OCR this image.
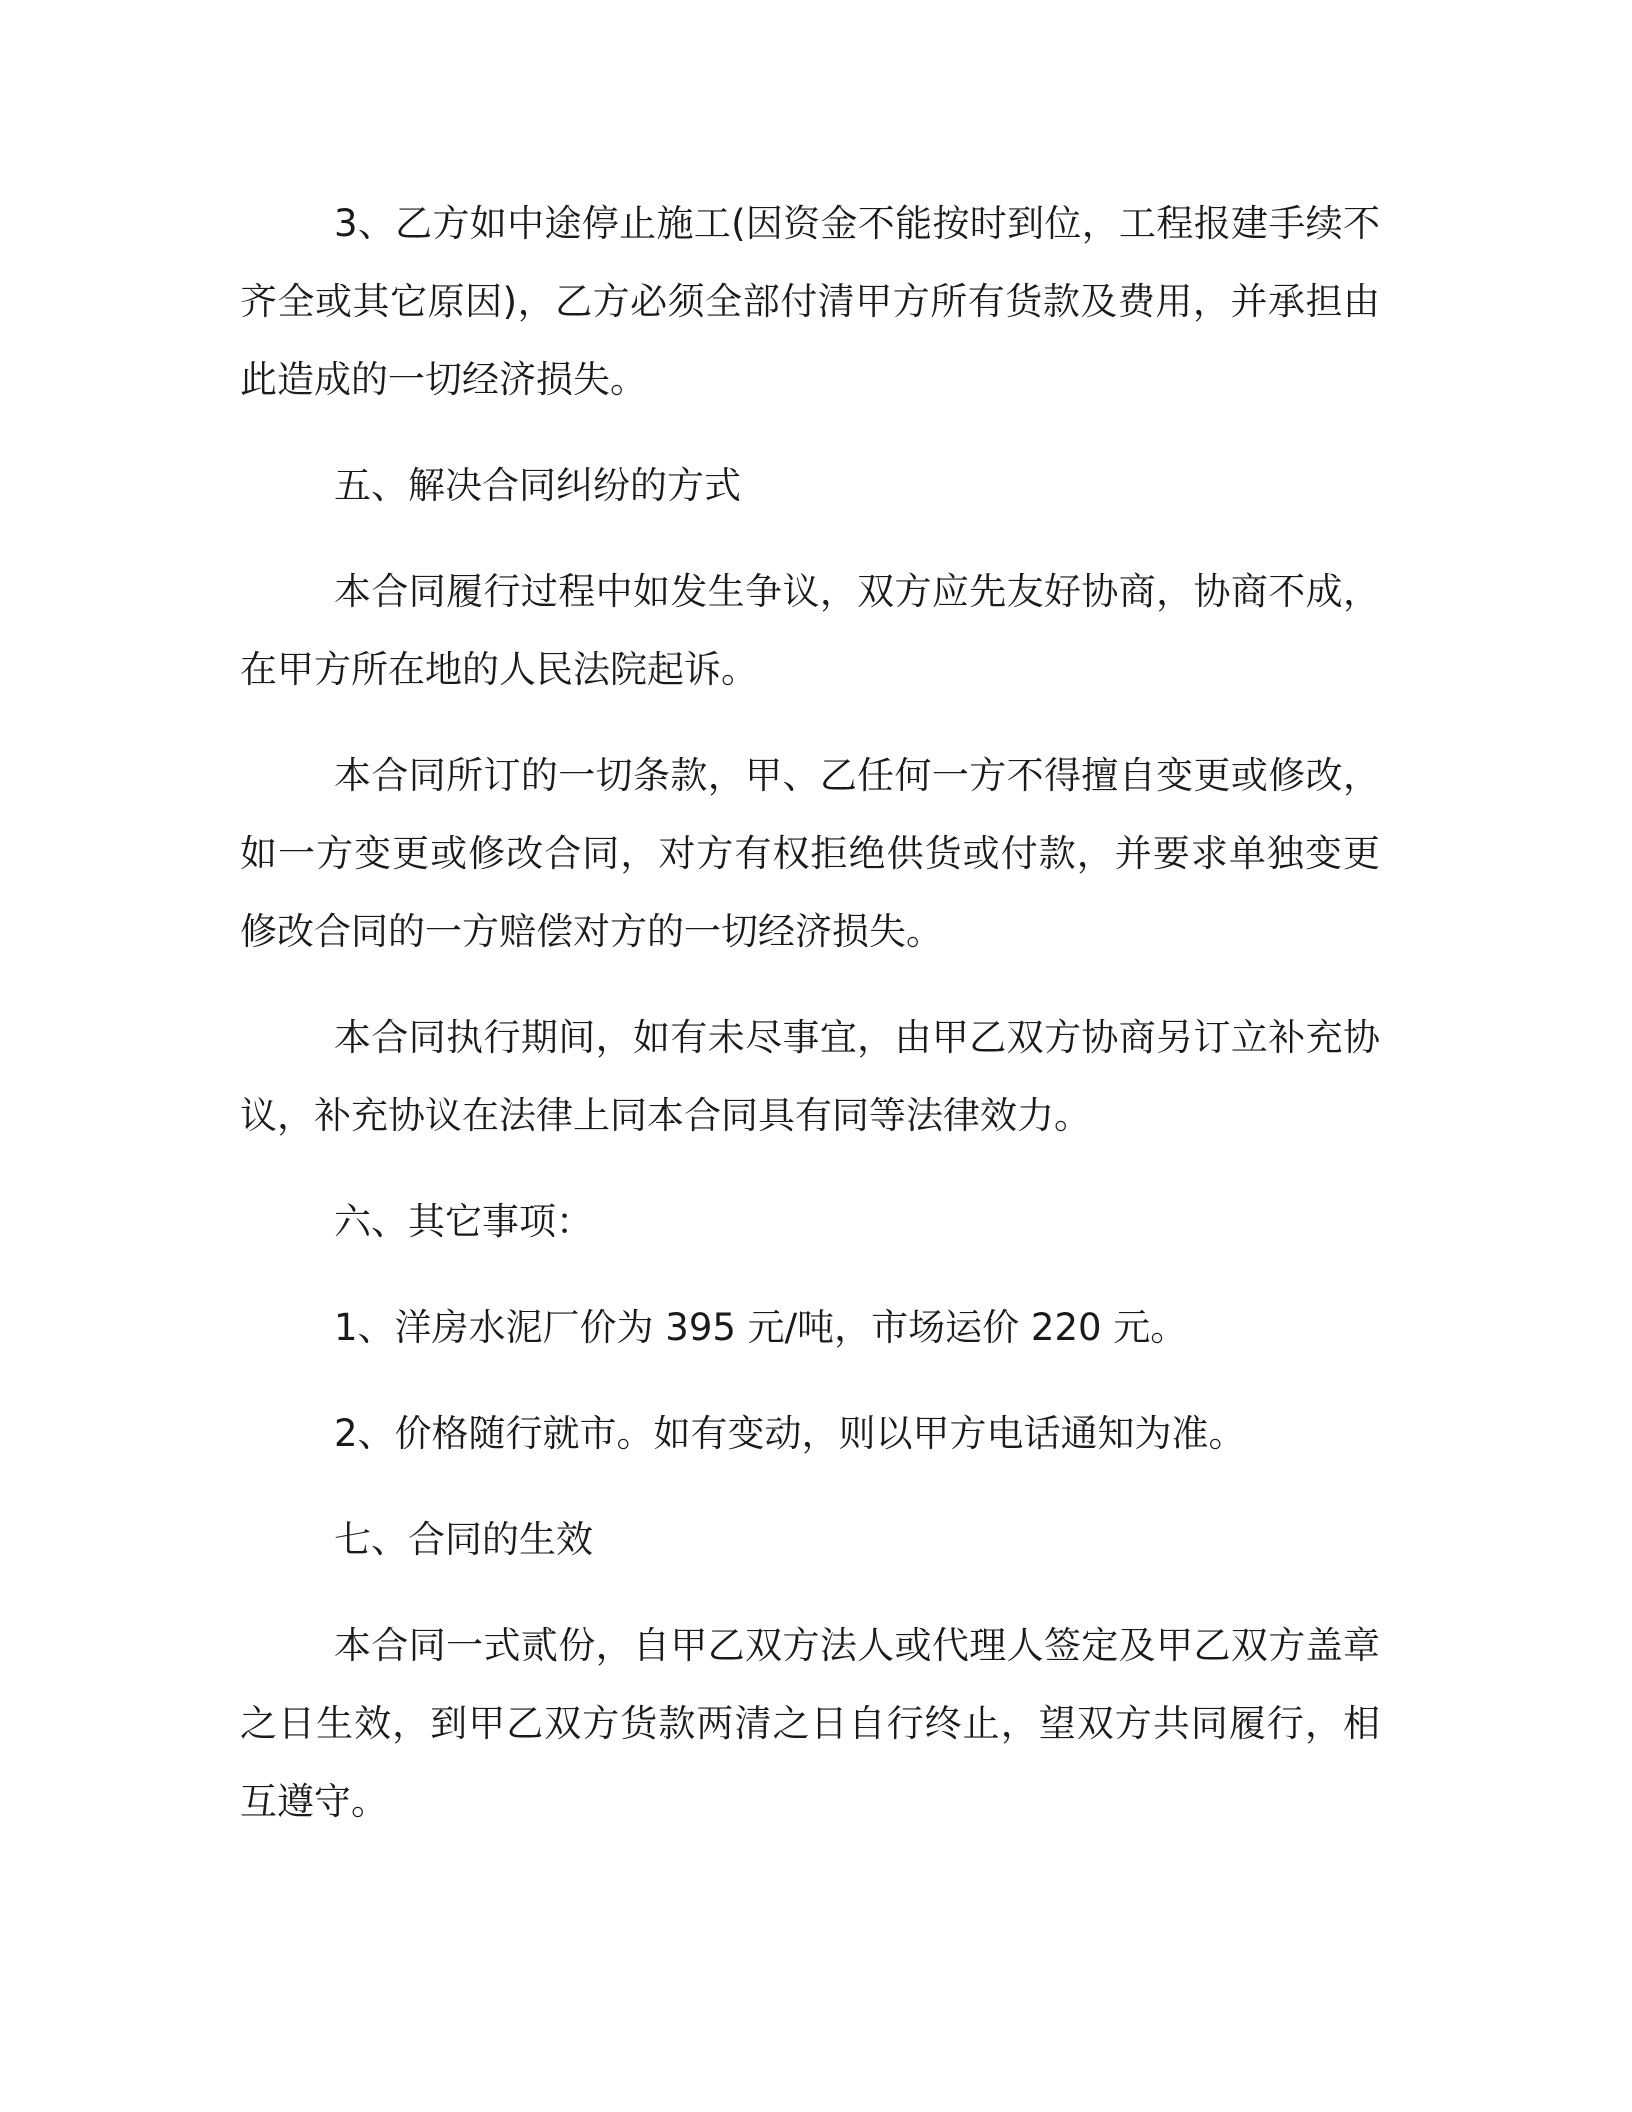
3、乙方如中途停止施工(因资金不能按时到位，工程报建手续不齐全或其它原因)，乙方必须全部付清甲方所有货款及费用，并承担由此造成的一切经济损失。

五、解决合同纠纷的方式

本合同履行过程中如发生争议，双方应先友好协商，协商不成，在甲方所在地的人民法院起诉。

本合同所订的一切条款，甲、乙任何一方不得擅自变更或修改，如一方变更或修改合同，对方有权拒绝供货或付款，并要求单独变更修改合同的一方赔偿对方的一切经济损失。

本合同执行期间，如有未尽事宜，由甲乙双方协商另订立补充协议，补充协议在法律上同本合同具有同等法律效力。

六、其它事项：

1、洋房水泥厂价为 395 元/吨，市场运价 220 元。

2、价格随行就市。如有变动，则以甲方电话通知为准。

七、合同的生效

本合同一式贰份，自甲乙双方法人或代理人签定及甲乙双方盖章之日生效，到甲乙双方货款两清之日自行终止，望双方共同履行，相互遵守。
